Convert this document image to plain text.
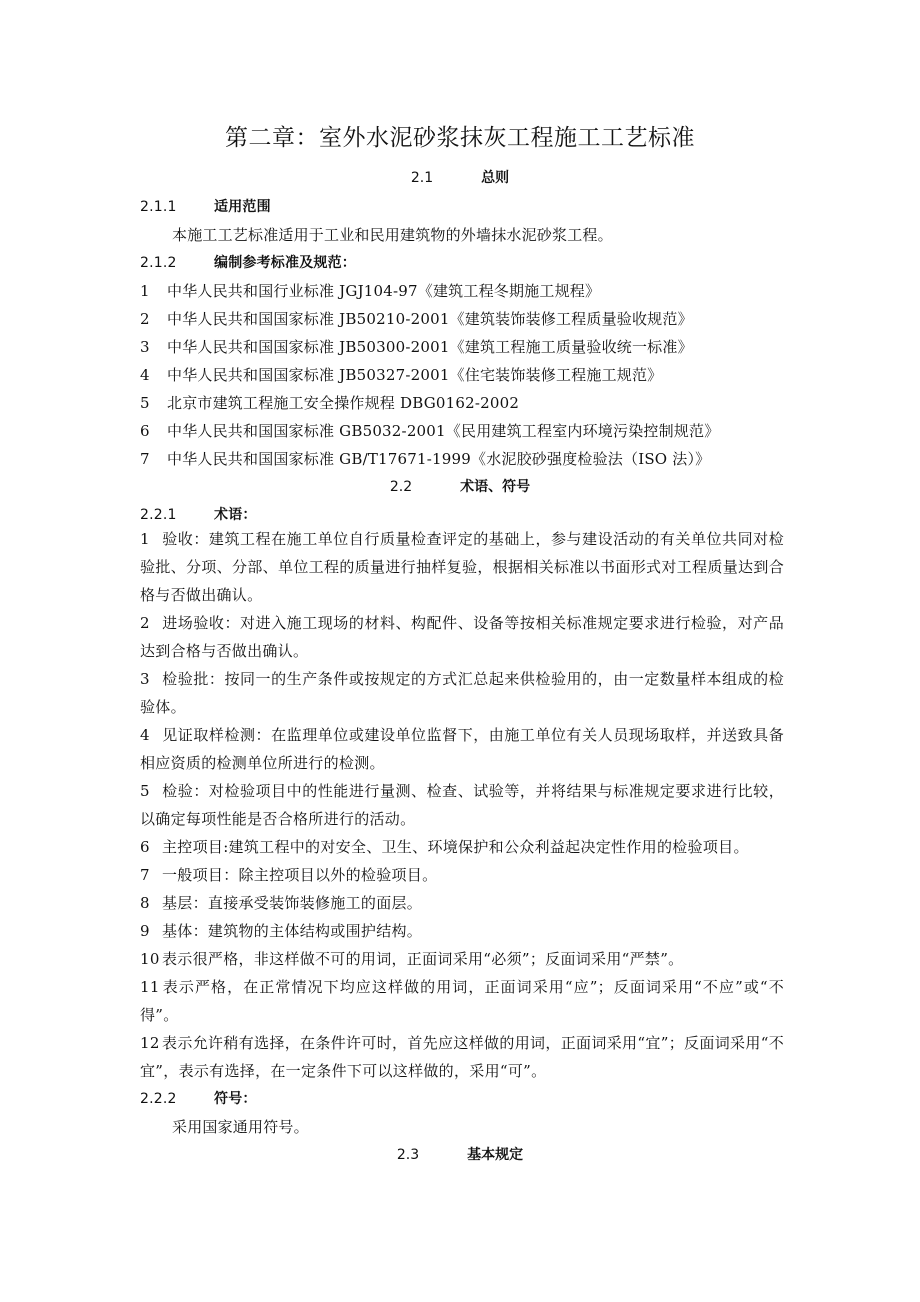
第二章：室外水泥砂浆抹灰工程施工工艺标准
2.1	总则
2.1.1	适用范围
本施工工艺标准适用于工业和民用建筑物的外墙抹水泥砂浆工程。
2.1.2	编制参考标准及规范：
1 中华人民共和国行业标准 JGJ104-97《建筑工程冬期施工规程》
2 中华人民共和国国家标准 JB50210-2001《建筑装饰装修工程质量验收规范》
3 中华人民共和国国家标准 JB50300-2001《建筑工程施工质量验收统一标准》
4 中华人民共和国国家标准 JB50327-2001《住宅装饰装修工程施工规范》
5 北京市建筑工程施工安全操作规程 DBG0162-2002
6 中华人民共和国国家标准 GB5032-2001《民用建筑工程室内环境污染控制规范》
7 中华人民共和国国家标准 GB/T17671-1999《水泥胶砂强度检验法（ISO 法）》
2.2	术语、符号
2.2.1	术语：
1 验收：建筑工程在施工单位自行质量检查评定的基础上，参与建设活动的有关单位共同对检验批、分项、分部、单位工程的质量进行抽样复验，根据相关标准以书面形式对工程质量达到合格与否做出确认。
2 进场验收：对进入施工现场的材料、构配件、设备等按相关标准规定要求进行检验，对产品达到合格与否做出确认。
3 检验批：按同一的生产条件或按规定的方式汇总起来供检验用的，由一定数量样本组成的检验体。
4 见证取样检测：在监理单位或建设单位监督下，由施工单位有关人员现场取样，并送致具备相应资质的检测单位所进行的检测。
5 检验：对检验项目中的性能进行量测、检查、试验等，并将结果与标准规定要求进行比较，以确定每项性能是否合格所进行的活动。
6 主控项目:建筑工程中的对安全、卫生、环境保护和公众利益起决定性作用的检验项目。
7 一般项目：除主控项目以外的检验项目。
8 基层：直接承受装饰装修施工的面层。
9 基体：建筑物的主体结构或围护结构。
10 表示很严格，非这样做不可的用词，正面词采用“必须”；反面词采用“严禁”。
11 表示严格，在正常情况下均应这样做的用词，正面词采用“应”；反面词采用“不应”或“不得”。
12 表示允许稍有选择，在条件许可时，首先应这样做的用词，正面词采用“宜”；反面词采用“不宜”，表示有选择，在一定条件下可以这样做的，采用“可”。
2.2.2	符号：
采用国家通用符号。
2.3	基本规定
